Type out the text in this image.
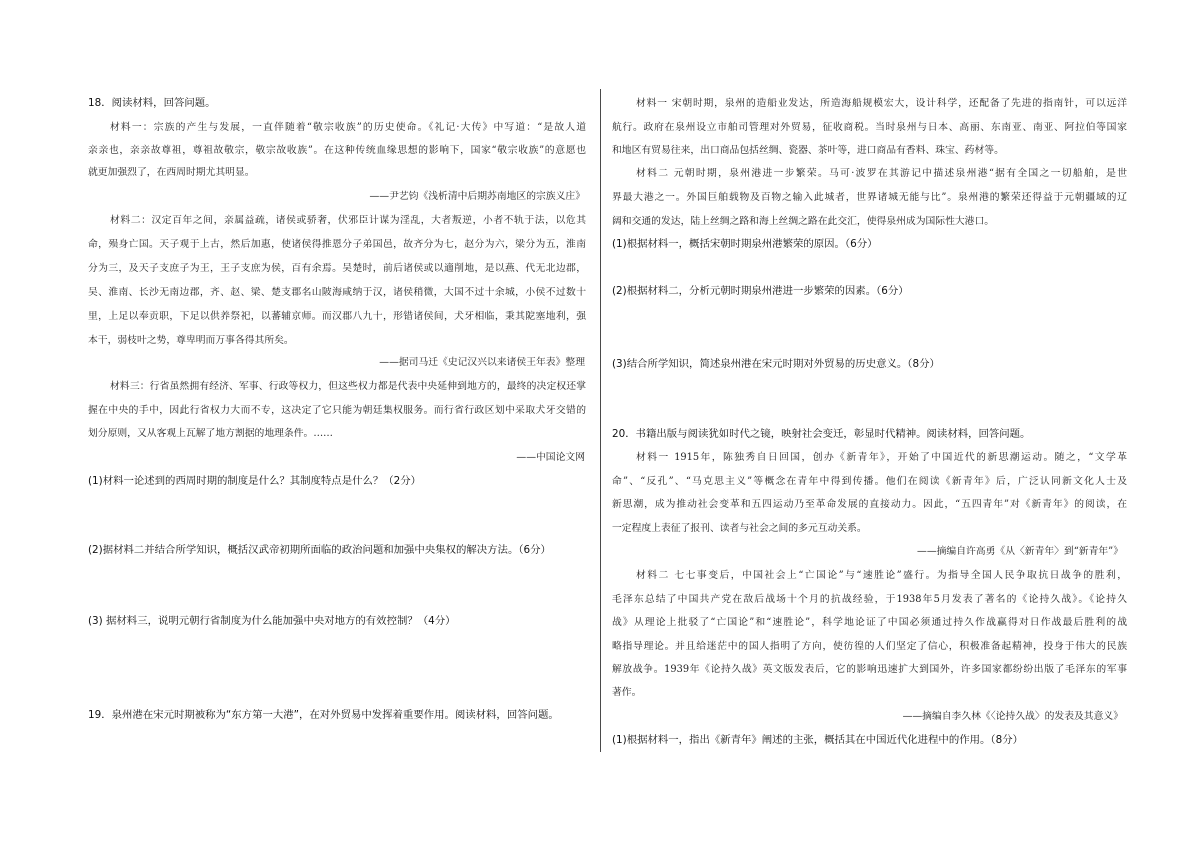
18．阅读材料，回答问题。
材料一：宗族的产生与发展，一直伴随着“敬宗收族”的历史使命。《礼记·大传》中写道：“是故人道
亲亲也，亲亲故尊祖，尊祖故敬宗，敬宗故收族”。在这种传统血缘思想的影响下，国家“敬宗收族”的意愿也
就更加强烈了，在西周时期尤其明显。
——尹艺钧《浅析清中后期苏南地区的宗族义庄》
材料二：汉定百年之间，亲属益疏，诸侯或骄奢，伏邪臣计谋为淫乱，大者叛逆，小者不轨于法，以危其
命，殒身亡国。天子观于上古，然后加惠，使诸侯得推恩分子弟国邑，故齐分为七，赵分为六，梁分为五，淮南
分为三，及天子支庶子为王，王子支庶为侯，百有余焉。吴楚时，前后诸侯或以適削地，是以燕、代无北边郡，
吴、淮南、长沙无南边郡，齐、赵、梁、楚支郡名山陂海咸纳于汉，诸侯稍微，大国不过十余城，小侯不过数十
里，上足以奉贡职，下足以供养祭祀，以蕃辅京师。而汉郡八九十，形错诸侯间，犬牙相临，秉其阸塞地利，强
本干，弱枝叶之势，尊卑明而万事各得其所矣。
——据司马迁《史记汉兴以来诸侯王年表》整理
材料三：行省虽然拥有经济、军事、行政等权力，但这些权力都是代表中央延伸到地方的，最终的决定权还掌
握在中央的手中，因此行省权力大而不专，这决定了它只能为朝廷集权服务。而行省行政区划中采取犬牙交错的
划分原则，又从客观上瓦解了地方割据的地理条件。……
——中国论文网
(1)材料一论述到的西周时期的制度是什么？其制度特点是什么？（2分）
(2)据材料二并结合所学知识，概括汉武帝初期所面临的政治问题和加强中央集权的解决方法。（6分）
(3) 据材料三，说明元朝行省制度为什么能加强中央对地方的有效控制？（4分）
19．泉州港在宋元时期被称为“东方第一大港”，在对外贸易中发挥着重要作用。阅读材料，回答问题。
材料一 宋朝时期，泉州的造船业发达，所造海船规模宏大，设计科学，还配备了先进的指南针，可以远洋
航行。政府在泉州设立市舶司管理对外贸易，征收商税。当时泉州与日本、高丽、东南亚、南亚、阿拉伯等国家
和地区有贸易往来，出口商品包括丝绸、瓷器、茶叶等，进口商品有香料、珠宝、药材等。
材料二 元朝时期，泉州港进一步繁荣。马可·波罗在其游记中描述泉州港“据有全国之一切船舶，是世
界最大港之一。外国巨舶载物及百物之输入此城者，世界诸城无能与比”。泉州港的繁荣还得益于元朝疆域的辽
阔和交通的发达，陆上丝绸之路和海上丝绸之路在此交汇，使得泉州成为国际性大港口。
(1)根据材料一，概括宋朝时期泉州港繁荣的原因。（6分）
(2)根据材料二，分析元朝时期泉州港进一步繁荣的因素。（6分）
(3)结合所学知识，简述泉州港在宋元时期对外贸易的历史意义。（8分）
20．书籍出版与阅读犹如时代之镜，映射社会变迁，彰显时代精神。阅读材料，回答问题。
材料一 1915年，陈独秀自日回国，创办《新青年》，开始了中国近代的新思潮运动。随之，“文学革
命”、“反孔”、“马克思主义”等概念在青年中得到传播。他们在阅读《新青年》后，广泛认同新文化人士及
新思潮，成为推动社会变革和五四运动乃至革命发展的直接动力。因此，“五四青年”对《新青年》的阅读，在
一定程度上表征了报刊、读者与社会之间的多元互动关系。
——摘编自许高勇《从〈新青年〉到“新青年”》
材料二 七七事变后，中国社会上“亡国论”与“速胜论”盛行。为指导全国人民争取抗日战争的胜利，
毛泽东总结了中国共产党在敌后战场十个月的抗战经验，于1938年5月发表了著名的《论持久战》。《论持久
战》从理论上批驳了“亡国论”和“速胜论”，科学地论证了中国必须通过持久作战赢得对日作战最后胜利的战
略指导理论。并且给迷茫中的国人指明了方向，使彷徨的人们坚定了信心，积极准备起精神，投身于伟大的民族
解放战争。1939年《论持久战》英文版发表后，它的影响迅速扩大到国外，许多国家都纷纷出版了毛泽东的军事
著作。
——摘编自李久林《〈论持久战〉的发表及其意义》
(1)根据材料一，指出《新青年》阐述的主张，概括其在中国近代化进程中的作用。（8分）
